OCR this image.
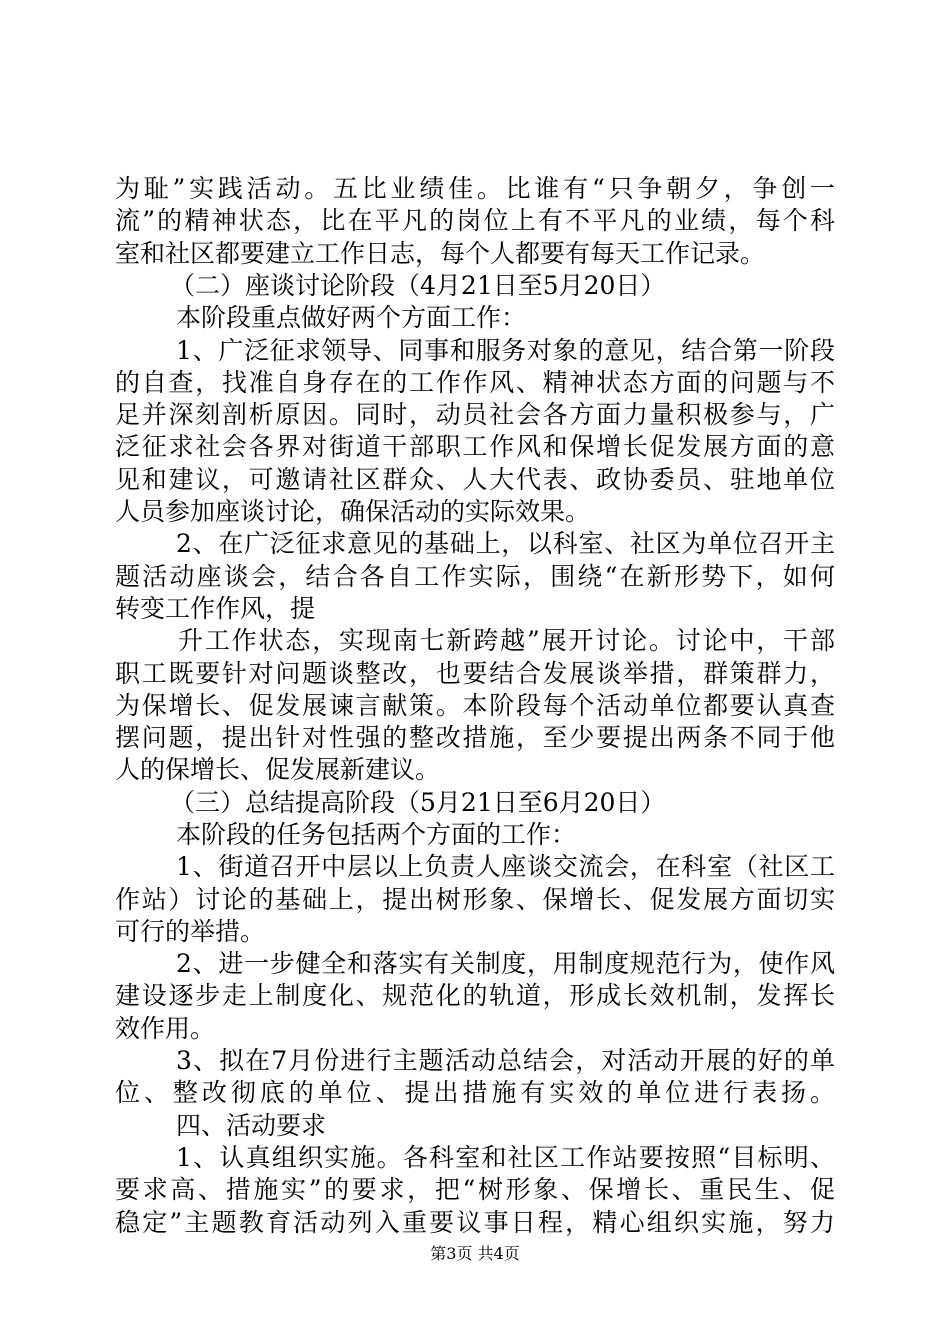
为耻”实践活动。五比业绩佳。比谁有“只争朝夕，争创一
流”的精神状态，比在平凡的岗位上有不平凡的业绩，每个科
室和社区都要建立工作日志，每个人都要有每天工作记录。
（二）座谈讨论阶段（4月21日至5月20日）
本阶段重点做好两个方面工作：
1、广泛征求领导、同事和服务对象的意见，结合第一阶段
的自查，找准自身存在的工作作风、精神状态方面的问题与不
足并深刻剖析原因。同时，动员社会各方面力量积极参与，广
泛征求社会各界对街道干部职工作风和保增长促发展方面的意
见和建议，可邀请社区群众、人大代表、政协委员、驻地单位
人员参加座谈讨论，确保活动的实际效果。
2、在广泛征求意见的基础上，以科室、社区为单位召开主
题活动座谈会，结合各自工作实际，围绕“在新形势下，如何
转变工作作风，提
升工作状态，实现南七新跨越”展开讨论。讨论中，干部
职工既要针对问题谈整改，也要结合发展谈举措，群策群力，
为保增长、促发展谏言献策。本阶段每个活动单位都要认真查
摆问题，提出针对性强的整改措施，至少要提出两条不同于他
人的保增长、促发展新建议。
（三）总结提高阶段（5月21日至6月20日）
本阶段的任务包括两个方面的工作：
1、街道召开中层以上负责人座谈交流会，在科室（社区工
作站）讨论的基础上，提出树形象、保增长、促发展方面切实
可行的举措。
2、进一步健全和落实有关制度，用制度规范行为，使作风
建设逐步走上制度化、规范化的轨道，形成长效机制，发挥长
效作用。
3、拟在7月份进行主题活动总结会，对活动开展的好的单
位、整改彻底的单位、提出措施有实效的单位进行表扬。
四、活动要求
1、认真组织实施。各科室和社区工作站要按照“目标明、
要求高、措施实”的要求，把“树形象、保增长、重民生、促
稳定”主题教育活动列入重要议事日程，精心组织实施，努力
第3页 共4页
